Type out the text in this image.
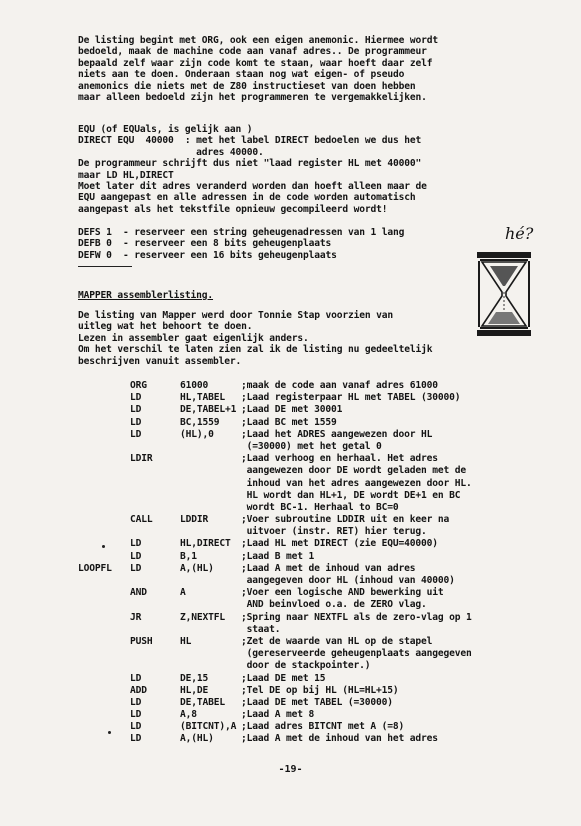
De listing begint met ORG, ook een eigen anemonic. Hiermee wordt
bedoeld, maak de machine code aan vanaf adres.. De programmeur
bepaald zelf waar zijn code komt te staan, waar hoeft daar zelf
niets aan te doen. Onderaan staan nog wat eigen- of pseudo
anemonics die niets met de Z80 instructieset van doen hebben
maar alleen bedoeld zijn het programmeren te vergemakkelijken.
EQU (of EQUals, is gelijk aan )
DIRECT EQU  40000  : met het label DIRECT bedoelen we dus het
adres 40000.
De programmeur schrijft dus niet "laad register HL met 40000"
maar LD HL,DIRECT
Moet later dit adres veranderd worden dan hoeft alleen maar de
EQU aangepast en alle adressen in de code worden automatisch
aangepast als het tekstfile opnieuw gecompileerd wordt!
DEFS 1  - reserveer een string geheugenadressen van 1 lang
DEFB 0  - reserveer een 8 bits geheugenplaats
DEFW 0  - reserveer een 16 bits geheugenplaats
hé?
MAPPER assemblerlisting.
De listing van Mapper werd door Tonnie Stap voorzien van
uitleg wat het behoort te doen.
Lezen in assembler gaat eigenlijk anders.
Om het verschil te laten zien zal ik de listing nu gedeeltelijk
beschrijven vanuit assembler.
ORG	61000	;maak de code aan vanaf adres 61000
LD	HL,TABEL ;Laad registerpaar HL met TABEL (30000)
LD	DE,TABEL+1 ;Laad DE met 30001
LD	BC,1559 ;Laad BC met 1559
LD	(HL),0	;Laad het ADRES aangewezen door HL
(=30000) met het getal 0
LDIR	;Laad verhoog en herhaal. Het adres
aangewezen door DE wordt geladen met de
inhoud van het adres aangewezen door HL.
HL wordt dan HL+1, DE wordt DE+1 en BC
wordt BC-1. Herhaal to BC=0
CALL	LDDIR	;Voer subroutine LDDIR uit en keer na
uitvoer (instr. RET) hier terug.
LD	HL,DIRECT ;Laad HL met DIRECT (zie EQU=40000)
LD	B,1	;Laad B met 1
LOOPFL LD	A,(HL)	;Laad A met de inhoud van adres
aangegeven door HL (inhoud van 40000)
AND	A	;Voer een logische AND bewerking uit
AND beinvloed o.a. de ZERO vlag.
JR	Z,NEXTFL ;Spring naar NEXTFL als de zero-vlag op 1
staat.
PUSH	HL	;Zet de waarde van HL op de stapel
(gereserveerde geheugenplaats aangegeven
door de stackpointer.)
LD	DE,15	;Laad DE met 15
ADD	HL,DE	;Tel DE op bij HL (HL=HL+15)
LD	DE,TABEL ;Laad DE met TABEL (=30000)
LD	A,8	;Laad A met 8
LD	(BITCNT),A ;Laad adres BITCNT met A (=8)
LD	A,(HL)	;Laad A met de inhoud van het adres
-19-
